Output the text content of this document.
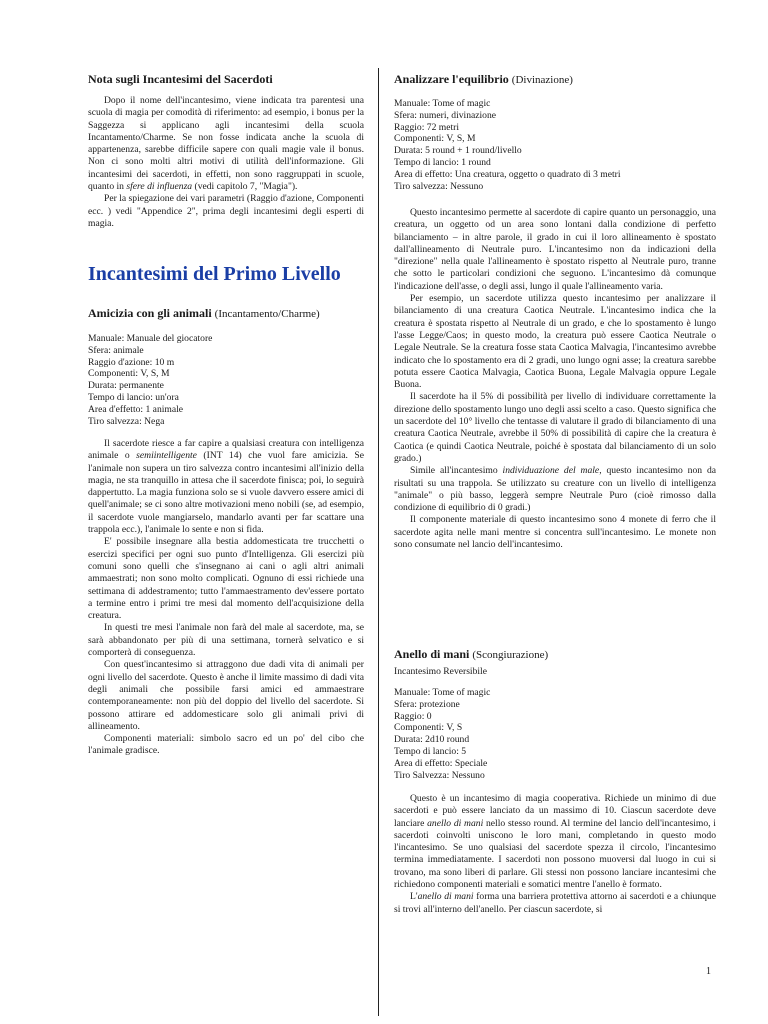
Nota sugli Incantesimi del Sacerdoti

Dopo il nome dell'incantesimo, viene indicata tra parentesi una scuola di magia per comodità di riferimento: ad esempio, i bonus per la Saggezza si applicano agli incantesimi della scuola Incantamento/Charme. Se non fosse indicata anche la scuola di appartenenza, sarebbe difficile sapere con quali magie vale il bonus. Non ci sono molti altri motivi di utilità dell'informazione. Gli incantesimi dei sacerdoti, in effetti, non sono raggruppati in scuole, quanto in sfere di influenza (vedi capitolo 7, "Magia").

Per la spiegazione dei vari parametri (Raggio d'azione, Componenti ecc. ) vedi "Appendice 2", prima degli incantesimi degli esperti di magia.

Incantesimi del Primo Livello
Amicizia con gli animali (Incantamento/Charme)
Manuale: Manuale del giocatore
Sfera: animale
Raggio d'azione: 10 m
Componenti: V, S, M
Durata: permanente
Tempo di lancio: un'ora
Area d'effetto: 1 animale
Tiro salvezza: Nega

Il sacerdote riesce a far capire a qualsiasi creatura con intelligenza animale o semiintelligente (INT 14) che vuol fare amicizia. Se l'animale non supera un tiro salvezza contro incantesimi all'inizio della magia, ne sta tranquillo in attesa che il sacerdote finisca; poi, lo seguirà dappertutto. La magia funziona solo se si vuole davvero essere amici di quell'animale; se ci sono altre motivazioni meno nobili (se, ad esempio, il sacerdote vuole mangiarselo, mandarlo avanti per far scattare una trappola ecc.), l'animale lo sente e non si fida.

E' possibile insegnare alla bestia addomesticata tre trucchetti o esercizi specifici per ogni suo punto d'Intelligenza. Gli esercizi più comuni sono quelli che s'insegnano ai cani o agli altri animali ammaestrati; non sono molto complicati. Ognuno di essi richiede una settimana di addestramento; tutto l'ammaestramento dev'essere portato a termine entro i primi tre mesi dal momento dell'acquisizione della creatura.

In questi tre mesi l'animale non farà del male al sacerdote, ma, se sarà abbandonato per più di una settimana, tornerà selvatico e si comporterà di conseguenza.

Con quest'incantesimo si attraggono due dadi vita di animali per ogni livello del sacerdote. Questo è anche il limite massimo di dadi vita degli animali che possibile farsi amici ed ammaestrare contemporaneamente: non più del doppio del livello del sacerdote. Si possono attirare ed addomesticare solo gli animali privi di allineamento.

Componenti materiali: simbolo sacro ed un po' del cibo che l'animale gradisce.

Analizzare l'equilibrio (Divinazione)
Manuale: Tome of magic
Sfera: numeri, divinazione
Raggio: 72 metri
Componenti: V, S, M
Durata: 5 round + 1 round/livello
Tempo di lancio: 1 round
Area di effetto: Una creatura, oggetto o quadrato di 3 metri
Tiro salvezza: Nessuno

Questo incantesimo permette al sacerdote di capire quanto un personaggio, una creatura, un oggetto od un area sono lontani dalla condizione di perfetto bilanciamento – in altre parole, il grado in cui il loro allineamento è spostato dall'allineamento di Neutrale puro. L'incantesimo non da indicazioni della "direzione" nella quale l'allineamento è spostato rispetto al Neutrale puro, tranne che sotto le particolari condizioni che seguono. L'incantesimo dà comunque l'indicazione dell'asse, o degli assi, lungo il quale l'allineamento varia.

Per esempio, un sacerdote utilizza questo incantesimo per analizzare il bilanciamento di una creatura Caotica Neutrale. L'incantesimo indica che la creatura è spostata rispetto al Neutrale di un grado, e che lo spostamento è lungo l'asse Legge/Caos; in questo modo, la creatura può essere Caotica Neutrale o Legale Neutrale. Se la creatura fosse stata Caotica Malvagia, l'incantesimo avrebbe indicato che lo spostamento era di 2 gradi, uno lungo ogni asse; la creatura sarebbe potuta essere Caotica Malvagia, Caotica Buona, Legale Malvagia oppure Legale Buona.

Il sacerdote ha il 5% di possibilità per livello di individuare correttamente la direzione dello spostamento lungo uno degli assi scelto a caso. Questo significa che un sacerdote del 10° livello che tentasse di valutare il grado di bilanciamento di una creatura Caotica Neutrale, avrebbe il 50% di possibilità di capire che la creatura è Caotica (e quindi Caotica Neutrale, poiché è spostata dal bilanciamento di un solo grado.)

Simile all'incantesimo individuazione del male, questo incantesimo non da risultati su una trappola. Se utilizzato su creature con un livello di intelligenza "animale" o più basso, leggerà sempre Neutrale Puro (cioè rimosso dalla condizione di equilibrio di 0 gradi.)

Il componente materiale di questo incantesimo sono 4 monete di ferro che il sacerdote agita nelle mani mentre si concentra sull'incantesimo. Le monete non sono consumate nel lancio dell'incantesimo.

Anello di mani (Scongiurazione)
Incantesimo Reversibile
Manuale: Tome of magic
Sfera: protezione
Raggio: 0
Componenti: V, S
Durata: 2d10 round
Tempo di lancio: 5
Area di effetto: Speciale
Tiro Salvezza: Nessuno

Questo è un incantesimo di magia cooperativa. Richiede un minimo di due sacerdoti e può essere lanciato da un massimo di 10. Ciascun sacerdote deve lanciare anello di mani nello stesso round. Al termine del lancio dell'incantesimo, i sacerdoti coinvolti uniscono le loro mani, completando in questo modo l'incantesimo. Se uno qualsiasi del sacerdote spezza il circolo, l'incantesimo termina immediatamente. I sacerdoti non possono muoversi dal luogo in cui si trovano, ma sono liberi di parlare. Gli stessi non possono lanciare incantesimi che richiedono componenti materiali e somatici mentre l'anello è formato.

L'anello di mani forma una barriera protettiva attorno ai sacerdoti e a chiunque si trovi all'interno dell'anello. Per ciascun sacerdote, si

1
